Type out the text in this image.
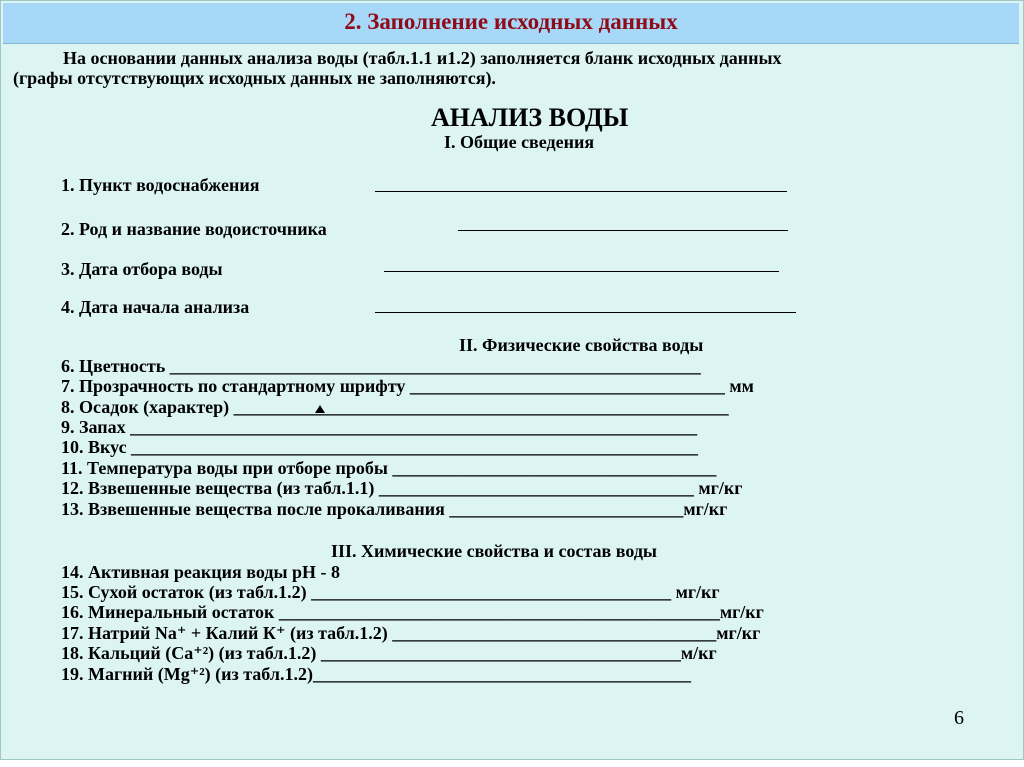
2. Заполнение исходных данных
На основании данных анализа воды (табл.1.1 и1.2) заполняется бланк исходных данных
(графы отсутствующих исходных данных не заполняются).
АНАЛИЗ ВОДЫ
I. Общие сведения
1. Пункт водоснабжения
2. Род и название водоисточника
3. Дата отбора воды
4. Дата начала анализа
II. Физические свойства воды
6. Цветность ___________________________________________________________
7. Прозрачность по стандартному шрифту ___________________________________ мм
8. Осадок (характер) _______________________________________________________
9. Запах _______________________________________________________________
10. Вкус _______________________________________________________________
11. Температура воды при отборе пробы ____________________________________
12. Взвешенные вещества (из табл.1.1) ___________________________________ мг/кг
13. Взвешенные вещества после прокаливания __________________________мг/кг
III. Химические свойства и состав воды
14. Активная реакция воды рН - 8
15. Сухой остаток (из табл.1.2) ________________________________________ мг/кг
16. Минеральный остаток _________________________________________________мг/кг
17. Натрий Na⁺ + Калий К⁺ (из табл.1.2) ____________________________________мг/кг
18. Кальций (Са⁺²) (из табл.1.2) ________________________________________м/кг
19. Магний (Mg⁺²) (из табл.1.2)__________________________________________
6
